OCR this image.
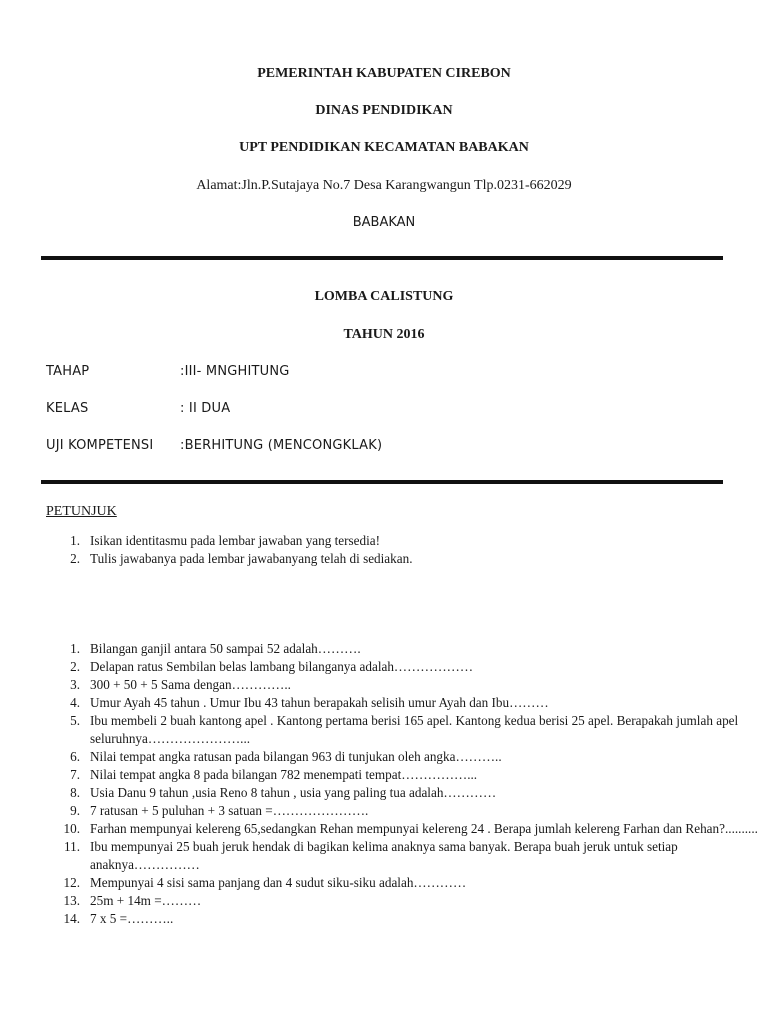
PEMERINTAH KABUPATEN CIREBON
DINAS PENDIDIKAN
UPT PENDIDIKAN KECAMATAN BABAKAN
Alamat:Jln.P.Sutajaya No.7 Desa Karangwangun Tlp.0231-662029
BABAKAN
LOMBA CALISTUNG
TAHUN 2016
TAHAP	:III- MNGHITUNG
KELAS	: II DUA
UJI KOMPETENSI :BERHITUNG (MENCONGKLAK)
PETUNJUK
1. Isikan identitasmu pada lembar jawaban yang tersedia!
2. Tulis jawabanya pada lembar jawabanyang telah di sediakan.
1. Bilangan ganjil antara 50 sampai 52 adalah……….
2. Delapan ratus Sembilan belas lambang bilanganya adalah………………
3. 300 + 50 + 5 Sama dengan…………..
4. Umur Ayah 45 tahun . Umur Ibu 43 tahun berapakah selisih umur Ayah dan Ibu………
5. Ibu membeli 2 buah kantong apel . Kantong pertama berisi 165 apel. Kantong kedua berisi 25 apel. Berapakah jumlah apel seluruhnya…………………...
6. Nilai tempat angka ratusan pada bilangan 963 di tunjukan oleh angka………..
7. Nilai tempat angka 8 pada bilangan 782 menempati tempat……………...
8. Usia Danu 9 tahun ,usia Reno 8 tahun , usia yang paling tua adalah…………
9. 7 ratusan + 5 puluhan + 3 satuan =………………….
10. Farhan mempunyai kelereng 65,sedangkan Rehan mempunyai kelereng 24 . Berapa jumlah kelereng Farhan dan Rehan?..........
11. Ibu mempunyai 25 buah jeruk hendak di bagikan kelima anaknya sama banyak. Berapa buah jeruk untuk setiap anaknya……………
12. Mempunyai 4 sisi sama panjang dan 4 sudut siku-siku adalah…………
13. 25m + 14m =………
14. 7 x 5 =………..
